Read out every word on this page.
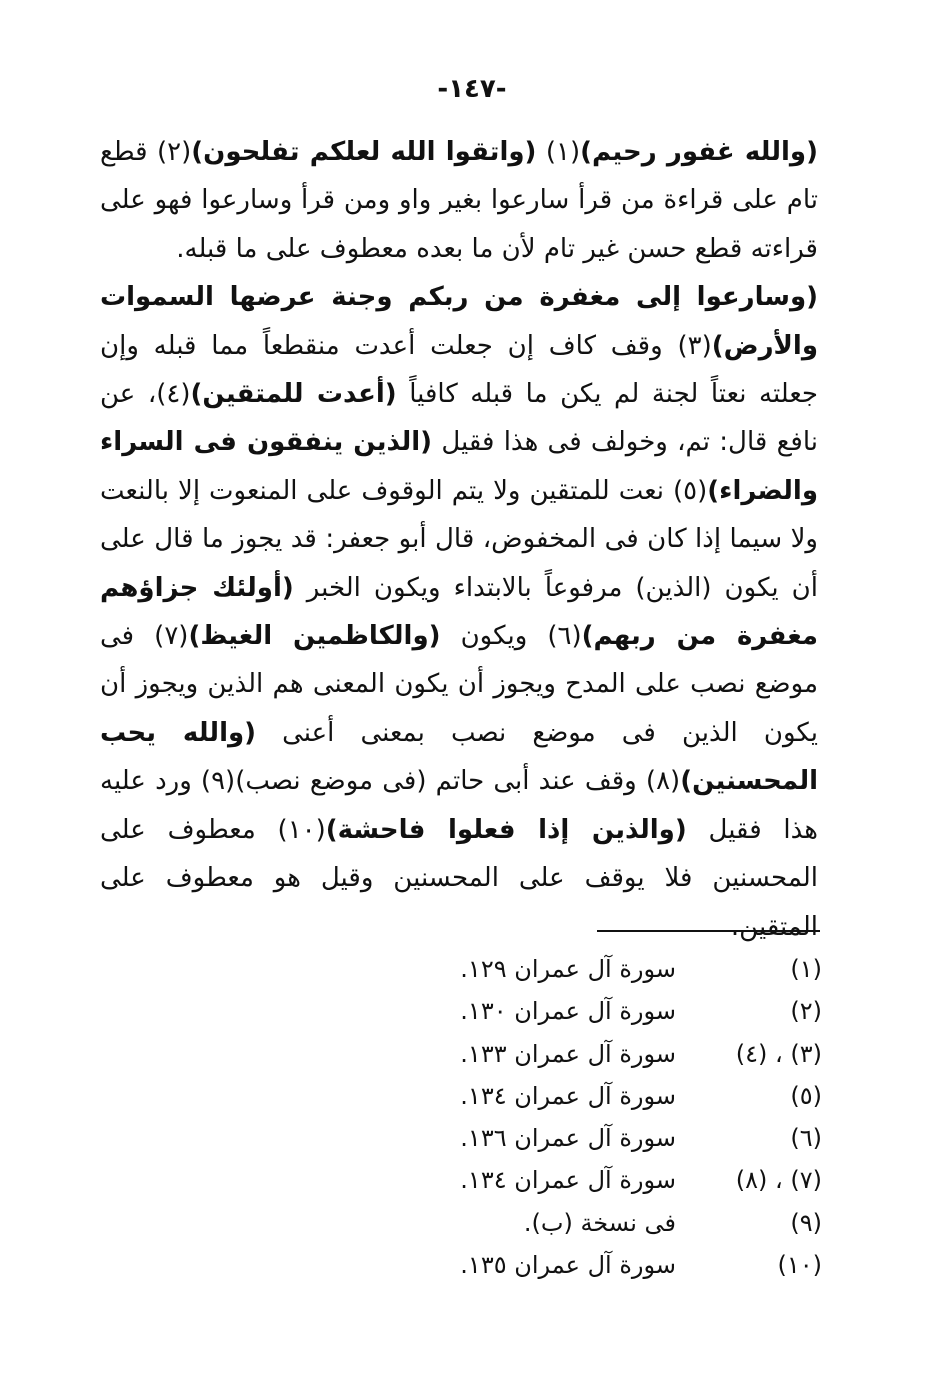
-١٤٧-

(والله غفور رحيم)(١) (واتقوا الله لعلكم تفلحون)(٢) قطع تام على قراءة من قرأ سارعوا بغير واو ومن قرأ وسارعوا فهو على قراءته قطع حسن غير تام لأن ما بعده معطوف على ما قبله.

(وسارعوا إلى مغفرة من ربكم وجنة عرضها السموات والأرض)(٣) وقف كاف إن جعلت أعدت منقطعاً مما قبله وإن جعلته نعتاً لجنة لم يكن ما قبله كافياً (أعدت للمتقين)(٤)، عن نافع قال: تم، وخولف فى هذا فقيل (الذين ينفقون فى السراء والضراء)(٥) نعت للمتقين ولا يتم الوقوف على المنعوت إلا بالنعت ولا سيما إذا كان فى المخفوض، قال أبو جعفر: قد يجوز ما قال على أن يكون (الذين) مرفوعاً بالابتداء ويكون الخبر (أولئك جزاؤهم مغفرة من ربهم)(٦) ويكون (والكاظمين الغيظ)(٧) فى موضع نصب على المدح ويجوز أن يكون المعنى هم الذين ويجوز أن يكون الذين فى موضع نصب بمعنى أعنى (والله يحب المحسنين)(٨) وقف عند أبى حاتم (فى موضع نصب)(٩) ورد عليه هذا فقيل (والذين إذا فعلوا فاحشة)(١٠) معطوف على المحسنين فلا يوقف على المحسنين وقيل هو معطوف على المتقين.

(١)
سورة آل عمران ١٢٩.
(٢)
سورة آل عمران ١٣٠.
(٣) ، (٤)
سورة آل عمران ١٣٣.
(٥)
سورة آل عمران ١٣٤.
(٦)
سورة آل عمران ١٣٦.
(٧) ، (٨)
سورة آل عمران ١٣٤.
(٩)
فى نسخة (ب).
(١٠)
سورة آل عمران ١٣٥.
